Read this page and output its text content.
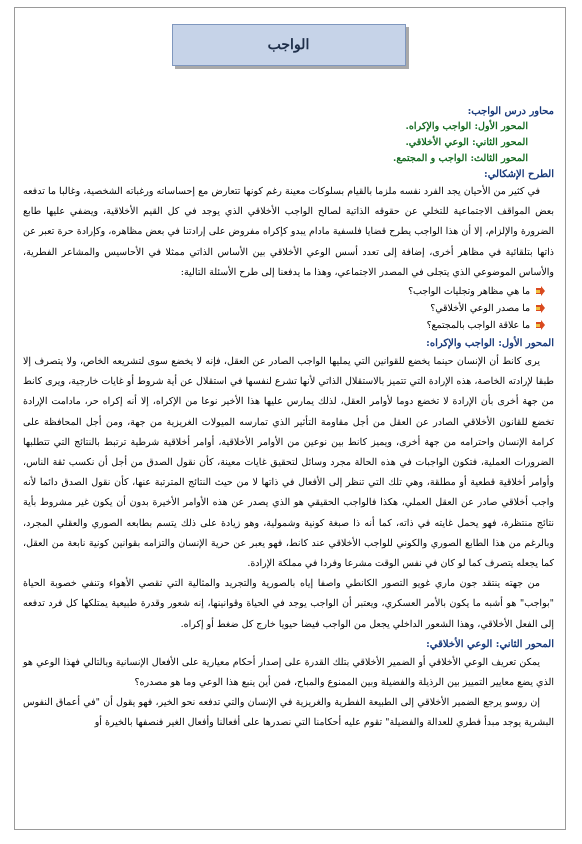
الواجب
محاور درس الواجب:
المحور الأول: الواجب والإكراه.
المحور الثاني: الوعي الأخلاقي.
المحور الثالث: الواجب و المجتمع.
الطرح الإشكالي:

في كثير من الأحيان يجد الفرد نفسه ملزما بالقيام بسلوكات معينة رغم كونها تتعارض مع إحساساته ورغباته الشخصية، وغالبا ما تدفعه بعض المواقف الاجتماعية للتخلي عن حقوقه الذاتية لصالح الواجب الأخلاقي الذي يوجد في كل القيم الأخلاقية، ويضفي عليها طابع الضرورة والإلزام، إلا أن هذا الواجب يطرح قضايا فلسفية مادام يبدو كإكراه مفروض على إرادتنا في بعض مظاهره، وكإرادة حرة تعبر عن ذاتها بتلقائية في مظاهر أخرى، إضافة إلى تعدد أسس الوعي الأخلاقي بين الأساس الذاتي ممثلا في الأحاسيس والمشاعر الفطرية، والأساس الموضوعي الذي يتجلى في المصدر الاجتماعي، وهذا ما يدفعنا إلى طرح الأسئلة التالية:

ما هي مظاهر وتجليات الواجب؟
ما مصدر الوعي الأخلاقي؟
ما علاقة الواجب بالمجتمع؟
المحور الأول: الواجب والإكراه:

يرى كانط أن الإنسان حينما يخضع للقوانين التي يمليها الواجب الصادر عن العقل، فإنه لا يخضع سوى لتشريعه الخاص، ولا يتصرف إلا طبقا لإرادته الخاصة، هذه الإرادة التي تتميز بالاستقلال الذاتي لأنها تشرع لنفسها في استقلال عن أية شروط أو غايات خارجية، ويرى كانط من جهة أخرى بأن الإرادة لا تخضع دوما لأوامر العقل، لذلك يمارس عليها هذا الأخير نوعا من الإكراه، إلا أنه إكراه حر، مادامت الإرادة تخضع للقانون الأخلاقي الصادر عن العقل من أجل مقاومة التأثير الذي تمارسه الميولات الغريزية من جهة، ومن أجل المحافظة على كرامة الإنسان واحترامه من جهة أخرى، ويميز كانط بين نوعين من الأوامر الأخلاقية، أوامر أخلاقية شرطية ترتبط بالنتائج التي تتطلبها الضرورات العملية، فتكون الواجبات في هذه الحالة مجرد وسائل لتحقيق غايات معينة، كأن نقول الصدق من أجل أن نكسب ثقة الناس، وأوامر أخلاقية قطعية أو مطلقة، وهي تلك التي تنظر إلى الأفعال في ذاتها لا من حيث النتائج المترتبة عنها، كأن نقول الصدق دائما لأنه واجب أخلاقي صادر عن العقل العملي، هكذا فالواجب الحقيقي هو الذي يصدر عن هذه الأوامر الأخيرة بدون أن يكون غير مشروط بأية نتائج منتظرة، فهو يحمل غايته في ذاته، كما أنه ذا صبغة كونية وشمولية، وهو زيادة على ذلك يتسم بطابعه الصوري والعقلي المجرد، وبالرغم من هذا الطابع الصوري والكوني للواجب الأخلاقي عند كانط، فهو يعبر عن حرية الإنسان والتزامه بقوانين كونية نابعة من العقل، كما يجعله يتصرف كما لو كان في نفس الوقت مشرعا وفردا في مملكة الإرادة.

من جهته ينتقد جون ماري غويو التصور الكانطي واصفا إياه بالصورية والتجريد والمثالية التي تقصي الأهواء وتنفي خصوبة الحياة "بواجب" هو أشبه ما يكون بالأمر العسكري، ويعتبر أن الواجب يوجد في الحياة وقوانينها، إنه شعور وقدرة طبيعية يمتلكها كل فرد تدفعه إلى الفعل الأخلاقي، وهذا الشعور الداخلي يجعل من الواجب فيضا حيويا خارج كل ضغط أو إكراه.

المحور الثاني: الوعي الأخلاقي:

يمكن تعريف الوعي الأخلاقي أو الضمير الأخلاقي بتلك القدرة على إصدار أحكام معيارية على الأفعال الإنسانية وبالتالي فهذا الوعي هو الذي يضع معايير التمييز بين الرذيلة والفضيلة وبين الممنوع والمباح، فمن أين ينبع هذا الوعي وما هو مصدره؟

إن روسو يرجع الضمير الأخلاقي إلى الطبيعة الفطرية والغريزية في الإنسان والتي تدفعه نحو الخير، فهو يقول أن "في أعماق النفوس البشرية يوجد مبدأ فطري للعدالة والفضيلة" تقوم عليه أحكامنا التي نصدرها على أفعالنا وأفعال الغير فنصفها بالخيرة أو
